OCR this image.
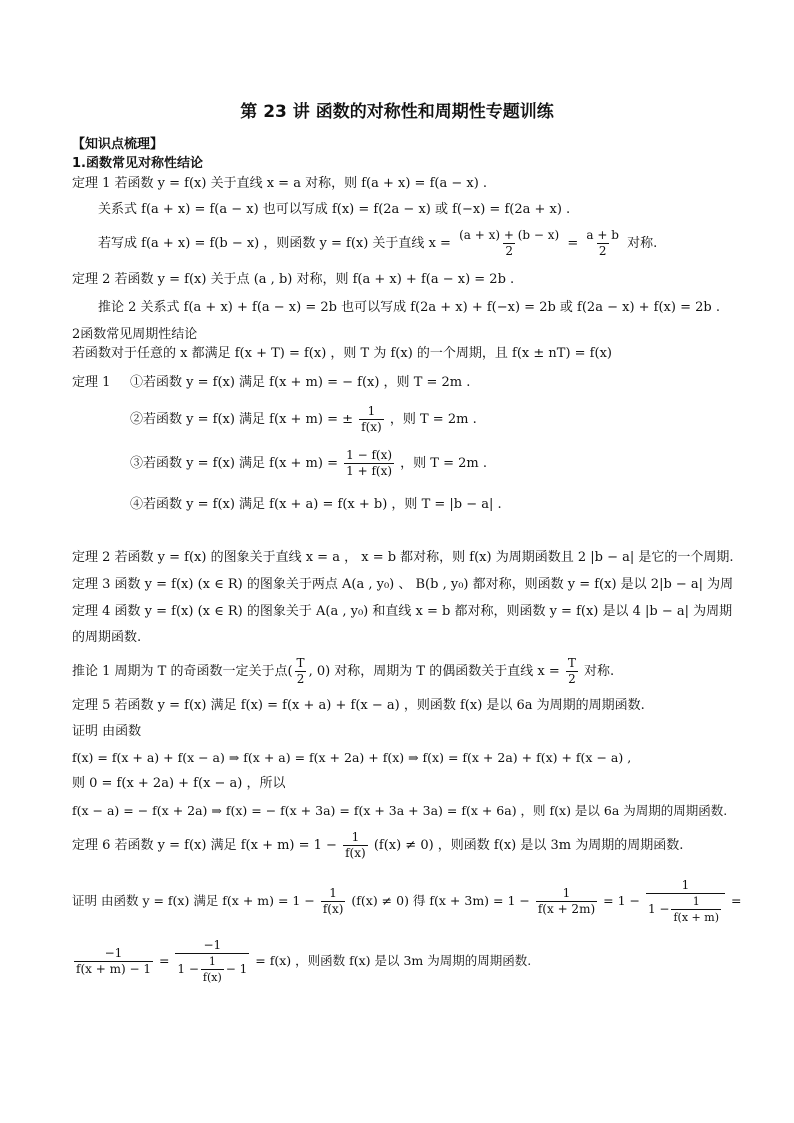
第 23 讲 函数的对称性和周期性专题训练
【知识点梳理】
1.函数常见对称性结论
定理 1 若函数 y = f(x) 关于直线 x = a 对称，则 f(a + x) = f(a − x) .
关系式 f(a + x) = f(a − x) 也可以写成 f(x) = f(2a − x) 或 f(−x) = f(2a + x) .
若写成 f(a + x) = f(b − x) ，则函数 y = f(x) 关于直线 $x = \frac{(a + x) + (b - x)}{2} = \frac{a + b}{2}$ 对称.
定理 2 若函数 y = f(x) 关于点 (a , b) 对称，则 f(a + x) + f(a − x) = 2b .
推论 2 关系式 f(a + x) + f(a − x) = 2b 也可以写成 f(2a + x) + f(−x) = 2b 或 f(2a − x) + f(x) = 2b .
2函数常见周期性结论
若函数对于任意的 x 都满足 f(x + T) = f(x) ，则 T 为 f(x) 的一个周期，且 f(x ± nT) = f(x)
定理 1 ①若函数 y = f(x) 满足 f(x + m) = − f(x) ，则 T = 2m .
②若函数 y = f(x) 满足 f(x + m) = ± $\frac{1}{f(x)}$ ，则 T = 2m .
③若函数 y = f(x) 满足 $f(x + m) = \frac{1 - f(x)}{1 + f(x)}$ ，则 T = 2m .
④若函数 y = f(x) 满足 f(x + a) = f(x + b) ，则 T = |b − a| .
定理 2 若函数 y = f(x) 的图象关于直线 x = a ， x = b 都对称，则 f(x) 为周期函数且 2 |b − a| 是它的一个周期.
定理 3 函数 y = f(x) (x ∈ R) 的图象关于两点 A(a , y₀) 、 B(b , y₀) 都对称，则函数 y = f(x) 是以 2|b − a| 为周
定理 4 函数 y = f(x) (x ∈ R) 的图象关于 A(a , y₀) 和直线 x = b 都对称，则函数 y = f(x) 是以 4 |b − a| 为周期
的周期函数.
推论 1 周期为 T 的奇函数一定关于点( $\frac{T}{2}$ , 0) 对称，周期为 T 的偶函数关于直线 $x = \frac{T}{2}$ 对称.
定理 5 若函数 y = f(x) 满足 f(x) = f(x + a) + f(x − a) ，则函数 f(x) 是以 6a 为周期的周期函数.
证明 由函数
f(x) = f(x + a) + f(x − a) ⇒ f(x + a) = f(x + 2a) + f(x) ⇒ f(x) = f(x + 2a) + f(x) + f(x − a) ,
则 0 = f(x + 2a) + f(x − a) ，所以
f(x − a) = − f(x + 2a) ⇒ f(x) = − f(x + 3a) = f(x + 3a + 3a) = f(x + 6a) ，则 f(x) 是以 6a 为周期的周期函数.
定理 6 若函数 y = f(x) 满足 $f(x + m) = 1 - \frac{1}{f(x)} (f(x) \ne 0)$ ，则函数 f(x) 是以 3m 为周期的周期函数.
证明 由函数 y = f(x) 满足 $f(x + m) = 1 - \frac{1}{f(x)} (f(x) \ne 0)$ 得 $f(x + 3m) = 1 - \frac{1}{f(x + 2m)} = 1 - \frac{1}{1 - \frac{1}{f(x + m)}}$ =
$\frac{-1}{f(x + m) - 1} = \frac{-1}{1 - \frac{1}{f(x)} - 1} = f(x)$ ，则函数 f(x) 是以 3m 为周期的周期函数.
